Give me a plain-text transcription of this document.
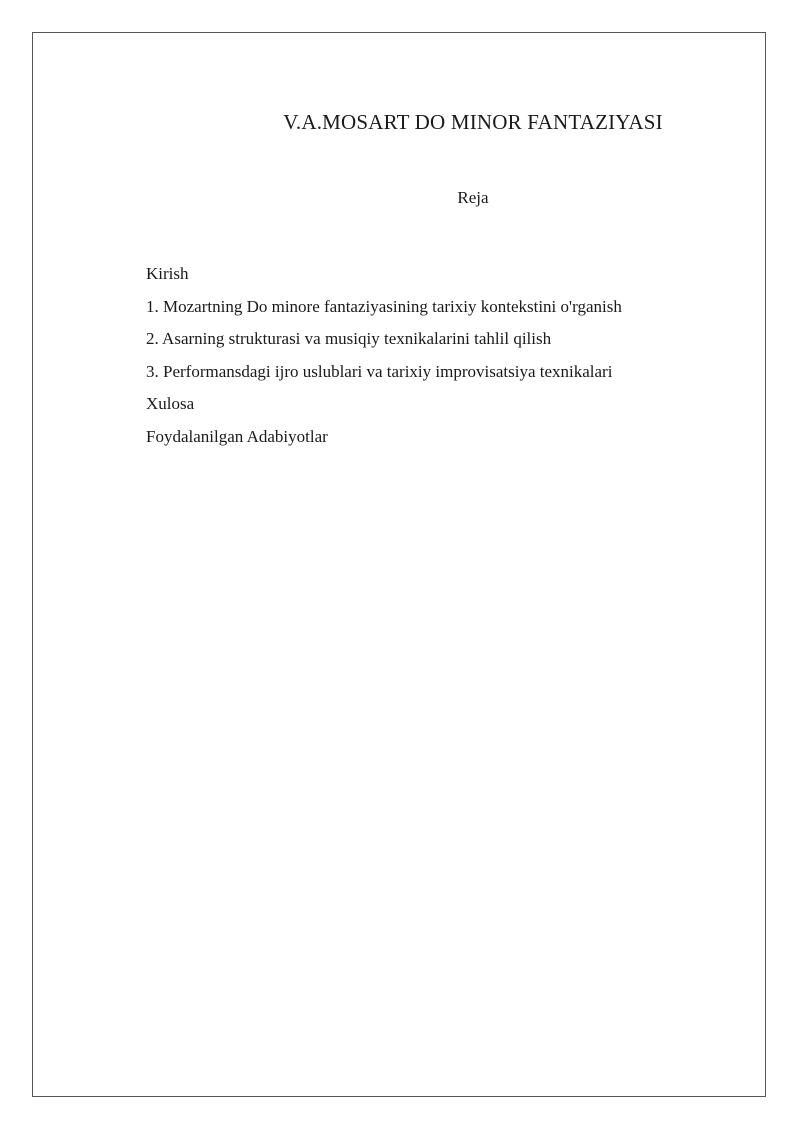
V.A.MOSART DO MINOR FANTAZIYASI
Reja
Kirish
1. Mozartning Do minore fantaziyasining tarixiy kontekstini o'rganish
2. Asarning strukturasi va musiqiy texnikalarini tahlil qilish
3. Performansdagi ijro uslublari va tarixiy improvisatsiya texnikalari
Xulosa
Foydalanilgan Adabiyotlar
